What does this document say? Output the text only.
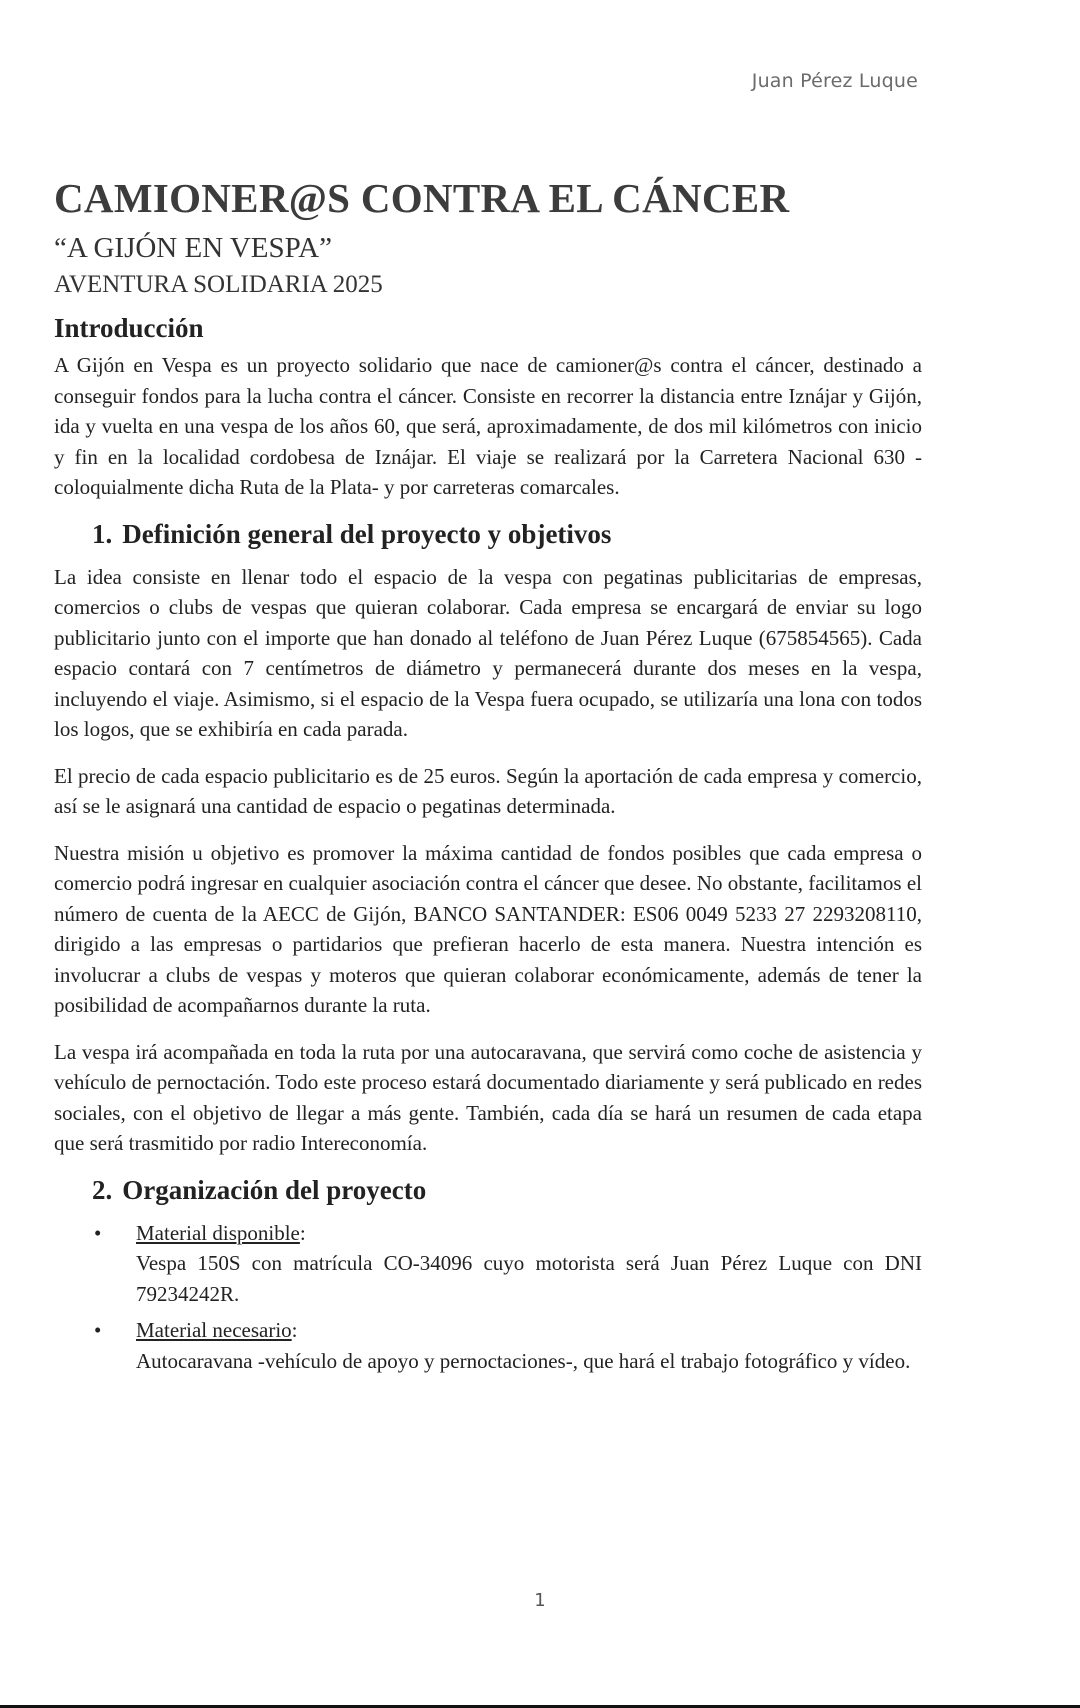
Juan Pérez Luque
CAMIONER@S CONTRA EL CÁNCER
“A GIJÓN EN VESPA”
AVENTURA SOLIDARIA 2025
Introducción

A Gijón en Vespa es un proyecto solidario que nace de camioner@s contra el cáncer, destinado a conseguir fondos para la lucha contra el cáncer. Consiste en recorrer la distancia entre Iznájar y Gijón, ida y vuelta en una vespa de los años 60, que será, aproximadamente, de dos mil kilómetros con inicio y fin en la localidad cordobesa de Iznájar. El viaje se realizará por la Carretera Nacional 630 -coloquialmente dicha Ruta de la Plata- y por carreteras comarcales.

1. Definición general del proyecto y objetivos

La idea consiste en llenar todo el espacio de la vespa con pegatinas publicitarias de empresas, comercios o clubs de vespas que quieran colaborar. Cada empresa se encargará de enviar su logo publicitario junto con el importe que han donado al teléfono de Juan Pérez Luque (675854565). Cada espacio contará con 7 centímetros de diámetro y permanecerá durante dos meses en la vespa, incluyendo el viaje. Asimismo, si el espacio de la Vespa fuera ocupado, se utilizaría una lona con todos los logos, que se exhibiría en cada parada.

El precio de cada espacio publicitario es de 25 euros. Según la aportación de cada empresa y comercio, así se le asignará una cantidad de espacio o pegatinas determinada.

Nuestra misión u objetivo es promover la máxima cantidad de fondos posibles que cada empresa o comercio podrá ingresar en cualquier asociación contra el cáncer que desee. No obstante, facilitamos el número de cuenta de la AECC de Gijón, BANCO SANTANDER: ES06 0049 5233 27 2293208110, dirigido a las empresas o partidarios que prefieran hacerlo de esta manera. Nuestra intención es involucrar a clubs de vespas y moteros que quieran colaborar económicamente, además de tener la posibilidad de acompañarnos durante la ruta.

La vespa irá acompañada en toda la ruta por una autocaravana, que servirá como coche de asistencia y vehículo de pernoctación. Todo este proceso estará documentado diariamente y será publicado en redes sociales, con el objetivo de llegar a más gente. También, cada día se hará un resumen de cada etapa que será trasmitido por radio Intereconomía.

2. Organización del proyecto
• Material disponible:
Vespa 150S con matrícula CO-34096 cuyo motorista será Juan Pérez Luque con DNI 79234242R.
• Material necesario:
Autocaravana -vehículo de apoyo y pernoctaciones-, que hará el trabajo fotográfico y vídeo.
1
